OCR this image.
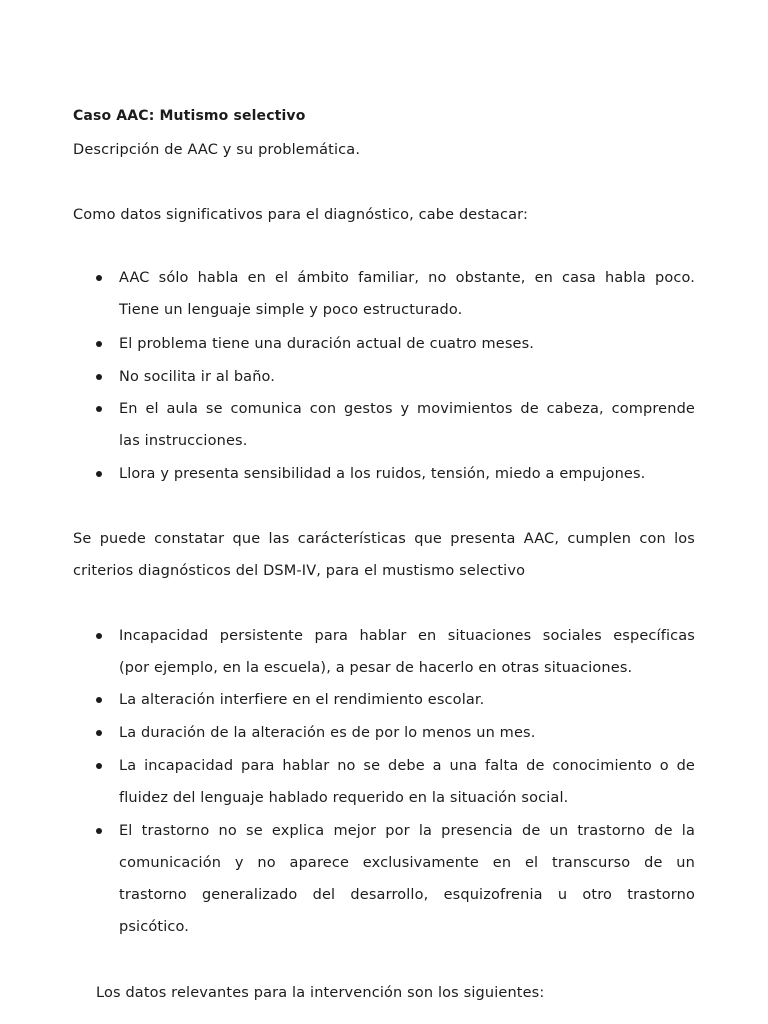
Caso AAC: Mutismo selectivo
Descripción de AAC y su problemática.
Como datos significativos para el diagnóstico, cabe destacar:
AAC sólo habla en el ámbito familiar, no obstante, en casa habla poco.
Tiene un lenguaje simple y poco estructurado.
El problema tiene una duración actual de cuatro meses.
No socilita ir al baño.
En el aula se comunica con gestos y movimientos de cabeza, comprende
las instrucciones.
Llora y presenta sensibilidad a los ruidos, tensión, miedo a empujones.
Se puede constatar que las carácterísticas que presenta AAC, cumplen con los
criterios diagnósticos del DSM-IV, para el mustismo selectivo
Incapacidad persistente para hablar en situaciones sociales específicas
(por ejemplo, en la escuela), a pesar de hacerlo en otras situaciones.
La alteración interfiere en el rendimiento escolar.
La duración de la alteración es de por lo menos un mes.
La incapacidad para hablar no se debe a una falta de conocimiento o de
fluidez del lenguaje hablado requerido en la situación social.
El trastorno no se explica mejor por la presencia de un trastorno de la
comunicación y no aparece exclusivamente en el transcurso de un
trastorno generalizado del desarrollo, esquizofrenia u otro trastorno
psicótico.
Los datos relevantes para la intervención son los siguientes:
